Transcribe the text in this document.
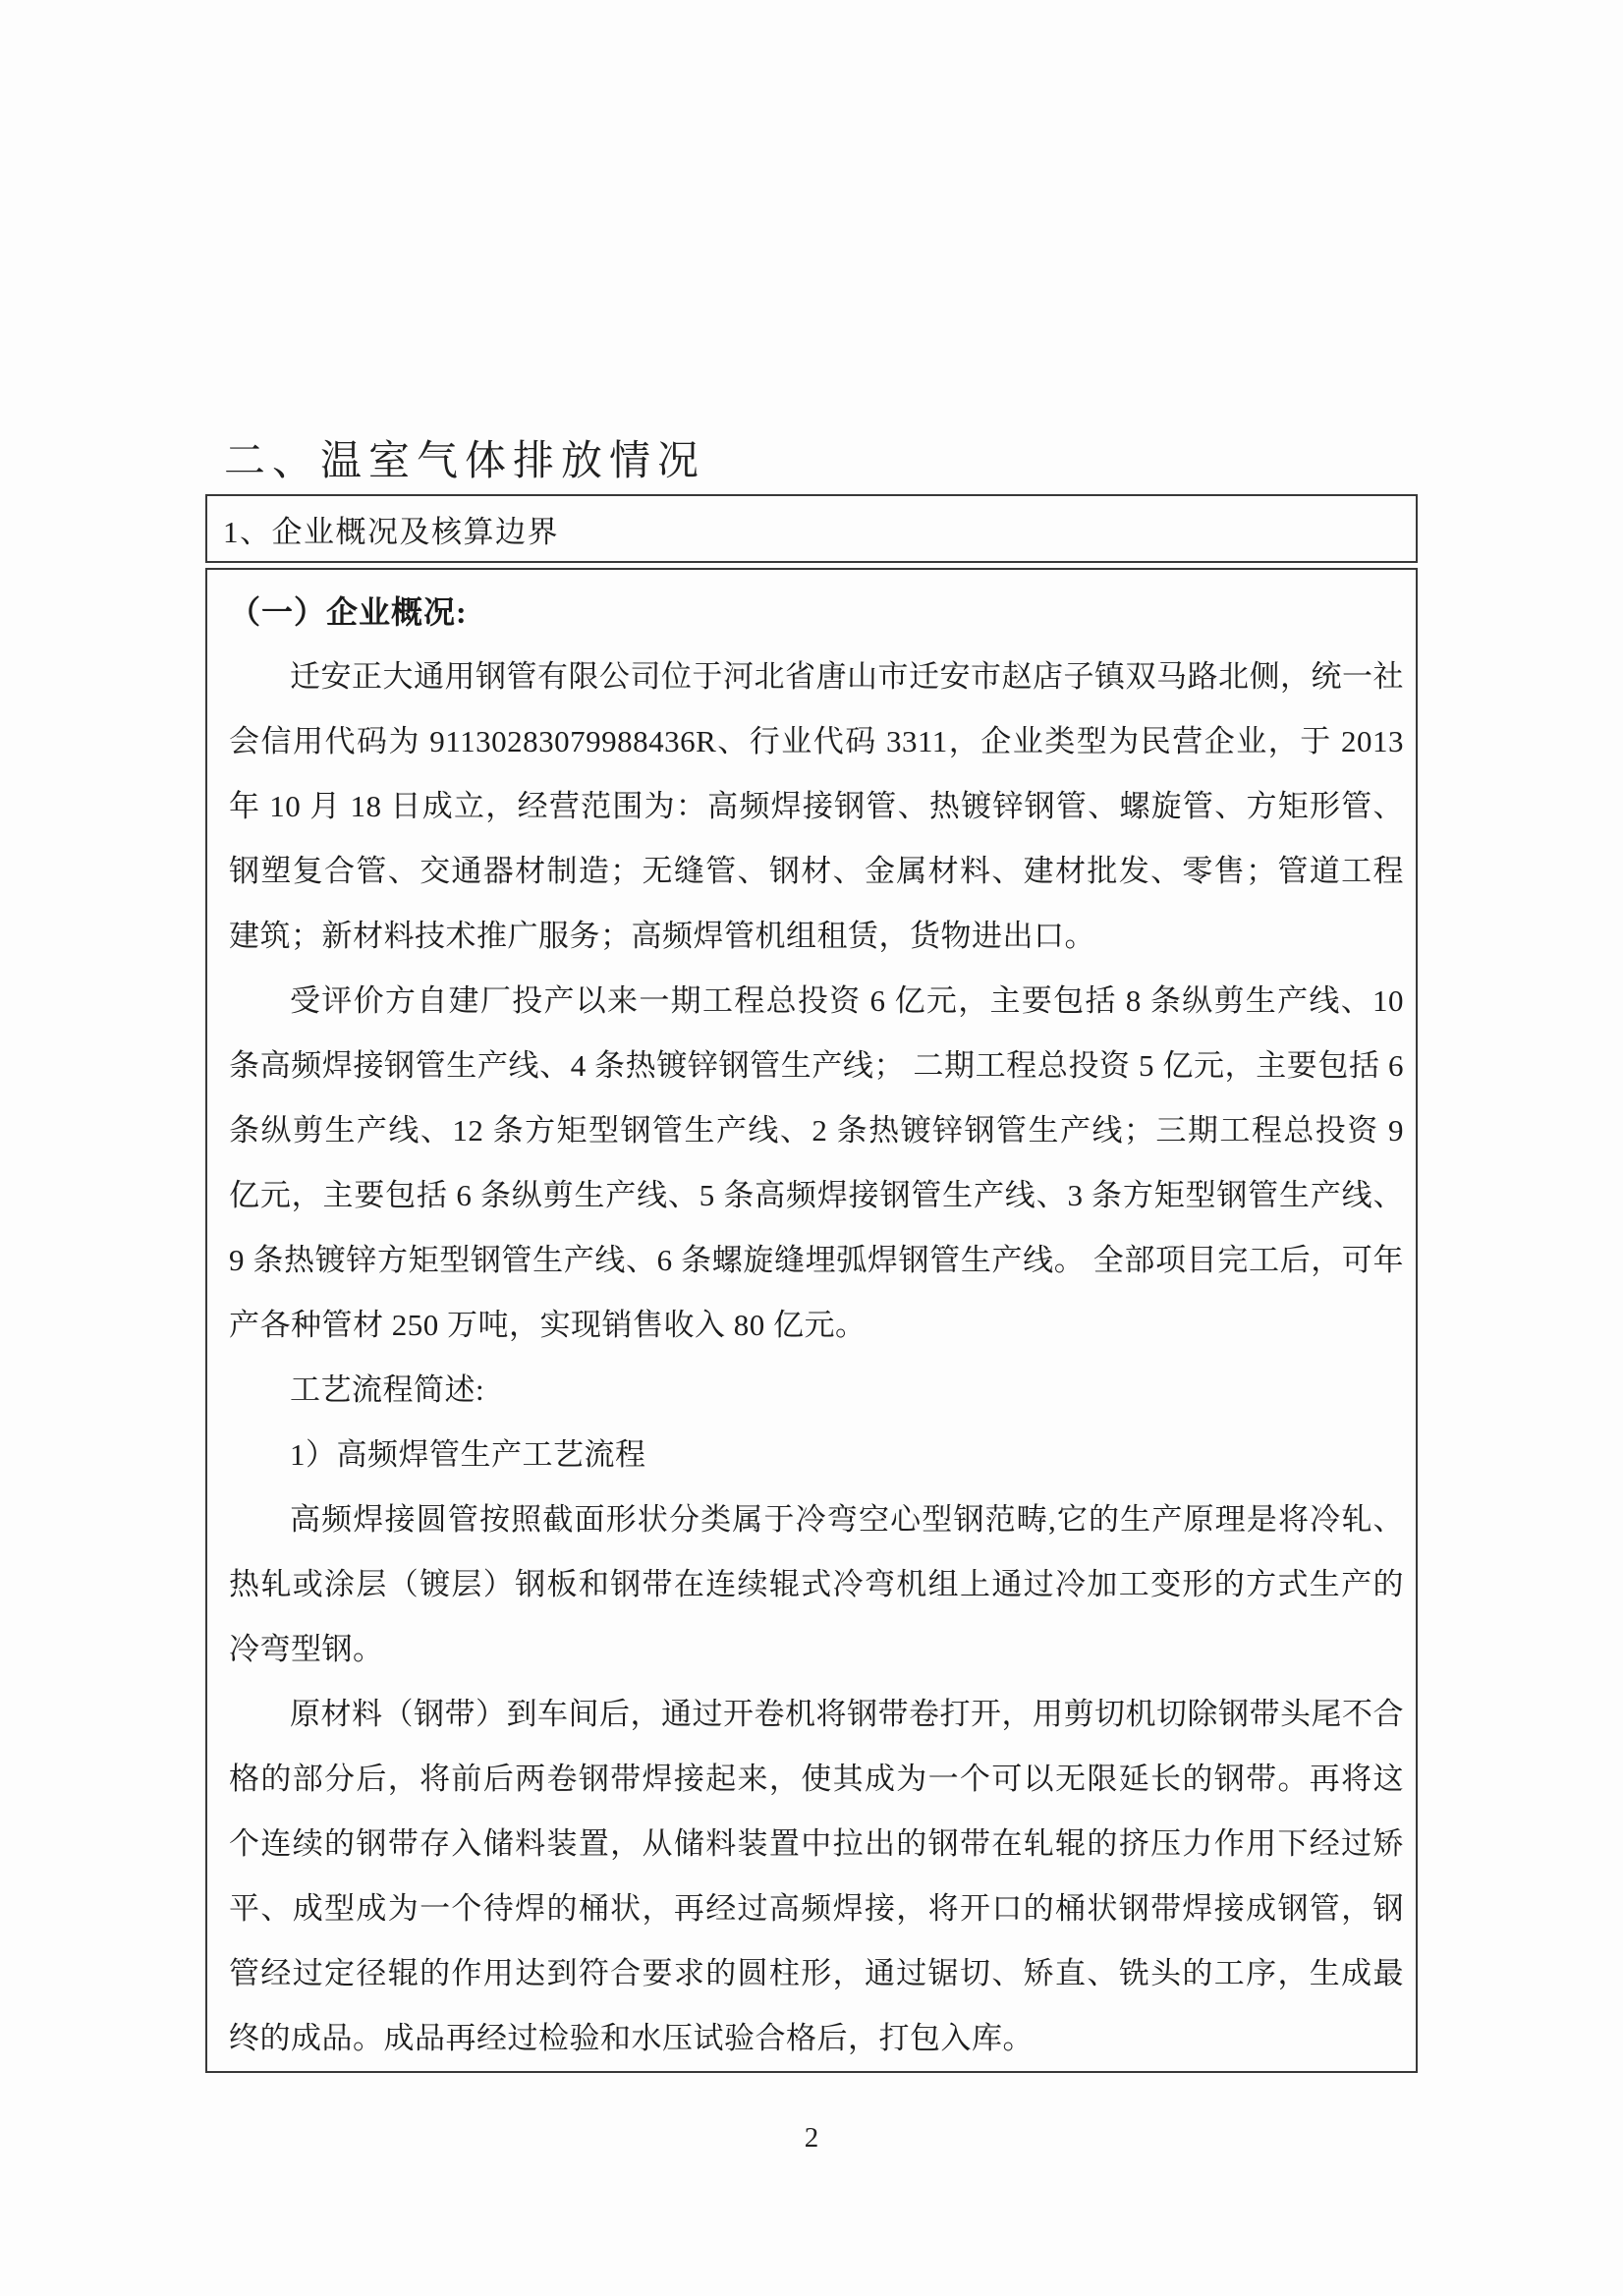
二、温室气体排放情况
1、企业概况及核算边界

（一）企业概况:

迁安正大通用钢管有限公司位于河北省唐山市迁安市赵店子镇双马路北侧，统一社会信用代码为 91130283079988436R、行业代码 3311，企业类型为民营企业，于 2013 年 10 月 18 日成立，经营范围为：高频焊接钢管、热镀锌钢管、螺旋管、方矩形管、钢塑复合管、交通器材制造；无缝管、钢材、金属材料、建材批发、零售；管道工程建筑；新材料技术推广服务；高频焊管机组租赁，货物进出口。

受评价方自建厂投产以来一期工程总投资 6 亿元，主要包括 8 条纵剪生产线、10 条高频焊接钢管生产线、4 条热镀锌钢管生产线； 二期工程总投资 5 亿元，主要包括 6 条纵剪生产线、12 条方矩型钢管生产线、2 条热镀锌钢管生产线；三期工程总投资 9 亿元，主要包括 6 条纵剪生产线、5 条高频焊接钢管生产线、3 条方矩型钢管生产线、9 条热镀锌方矩型钢管生产线、6 条螺旋缝埋弧焊钢管生产线。 全部项目完工后，可年产各种管材 250 万吨，实现销售收入 80 亿元。

工艺流程简述:

1）高频焊管生产工艺流程

高频焊接圆管按照截面形状分类属于冷弯空心型钢范畴,它的生产原理是将冷轧、热轧或涂层（镀层）钢板和钢带在连续辊式冷弯机组上通过冷加工变形的方式生产的冷弯型钢。

原材料（钢带）到车间后，通过开卷机将钢带卷打开，用剪切机切除钢带头尾不合格的部分后，将前后两卷钢带焊接起来，使其成为一个可以无限延长的钢带。再将这个连续的钢带存入储料装置，从储料装置中拉出的钢带在轧辊的挤压力作用下经过矫平、成型成为一个待焊的桶状，再经过高频焊接，将开口的桶状钢带焊接成钢管，钢管经过定径辊的作用达到符合要求的圆柱形，通过锯切、矫直、铣头的工序，生成最终的成品。成品再经过检验和水压试验合格后，打包入库。

2
